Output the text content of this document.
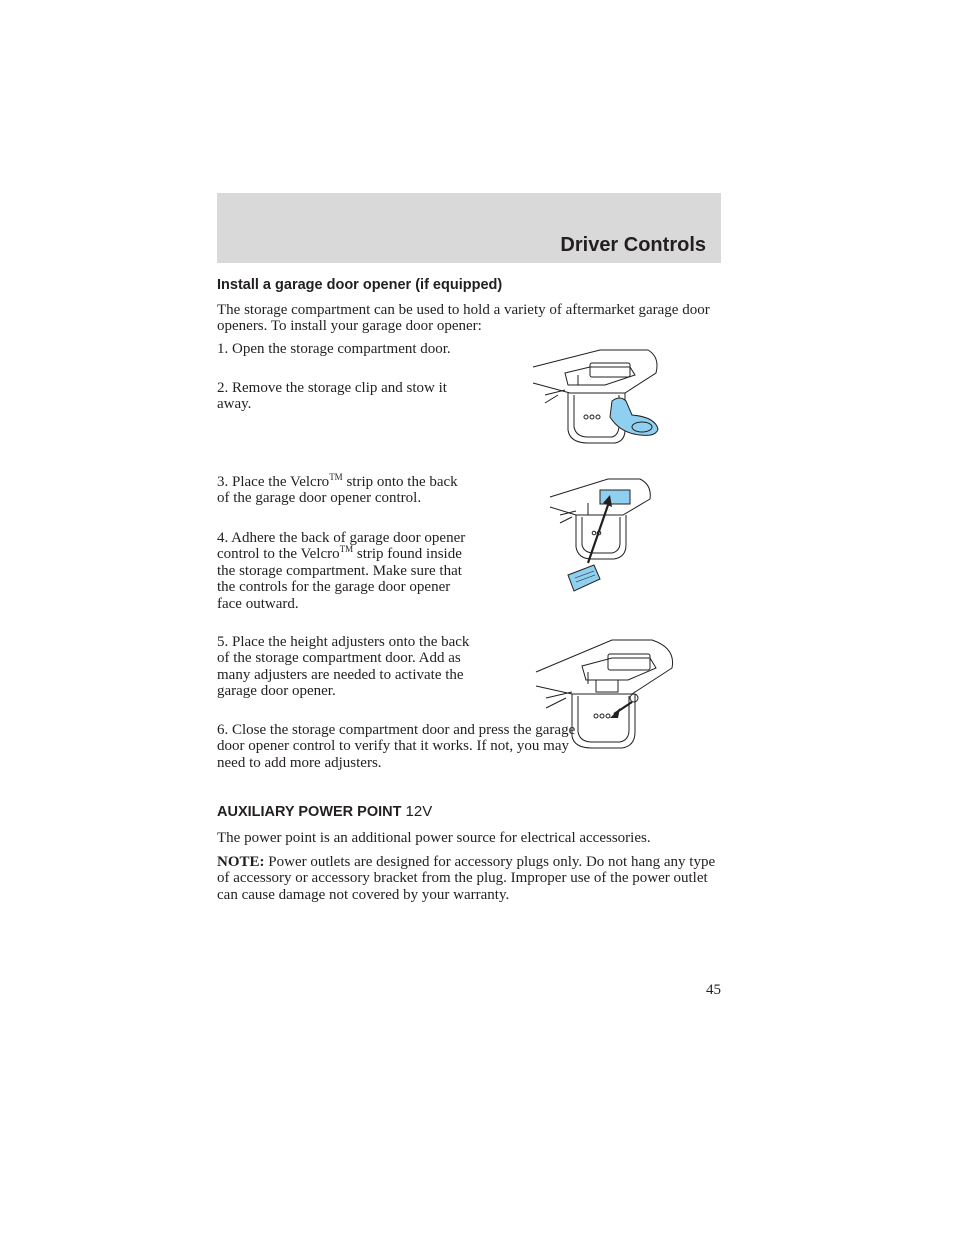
Driver Controls
Install a garage door opener (if equipped)

The storage compartment can be used to hold a variety of aftermarket garage door openers. To install your garage door opener:

1. Open the storage compartment door.

2. Remove the storage clip and stow it away.

3. Place the Velcro™ strip onto the back of the garage door opener control.

4. Adhere the back of garage door opener control to the Velcro™ strip found inside the storage compartment. Make sure that the controls for the garage door opener face outward.

5. Place the height adjusters onto the back of the storage compartment door. Add as many adjusters are needed to activate the garage door opener.

6. Close the storage compartment door and press the garage door opener control to verify that it works. If not, you may need to add more adjusters.

AUXILIARY POWER POINT 12V

The power point is an additional power source for electrical accessories.

NOTE: Power outlets are designed for accessory plugs only. Do not hang any type of accessory or accessory bracket from the plug. Improper use of the power outlet can cause damage not covered by your warranty.

45
